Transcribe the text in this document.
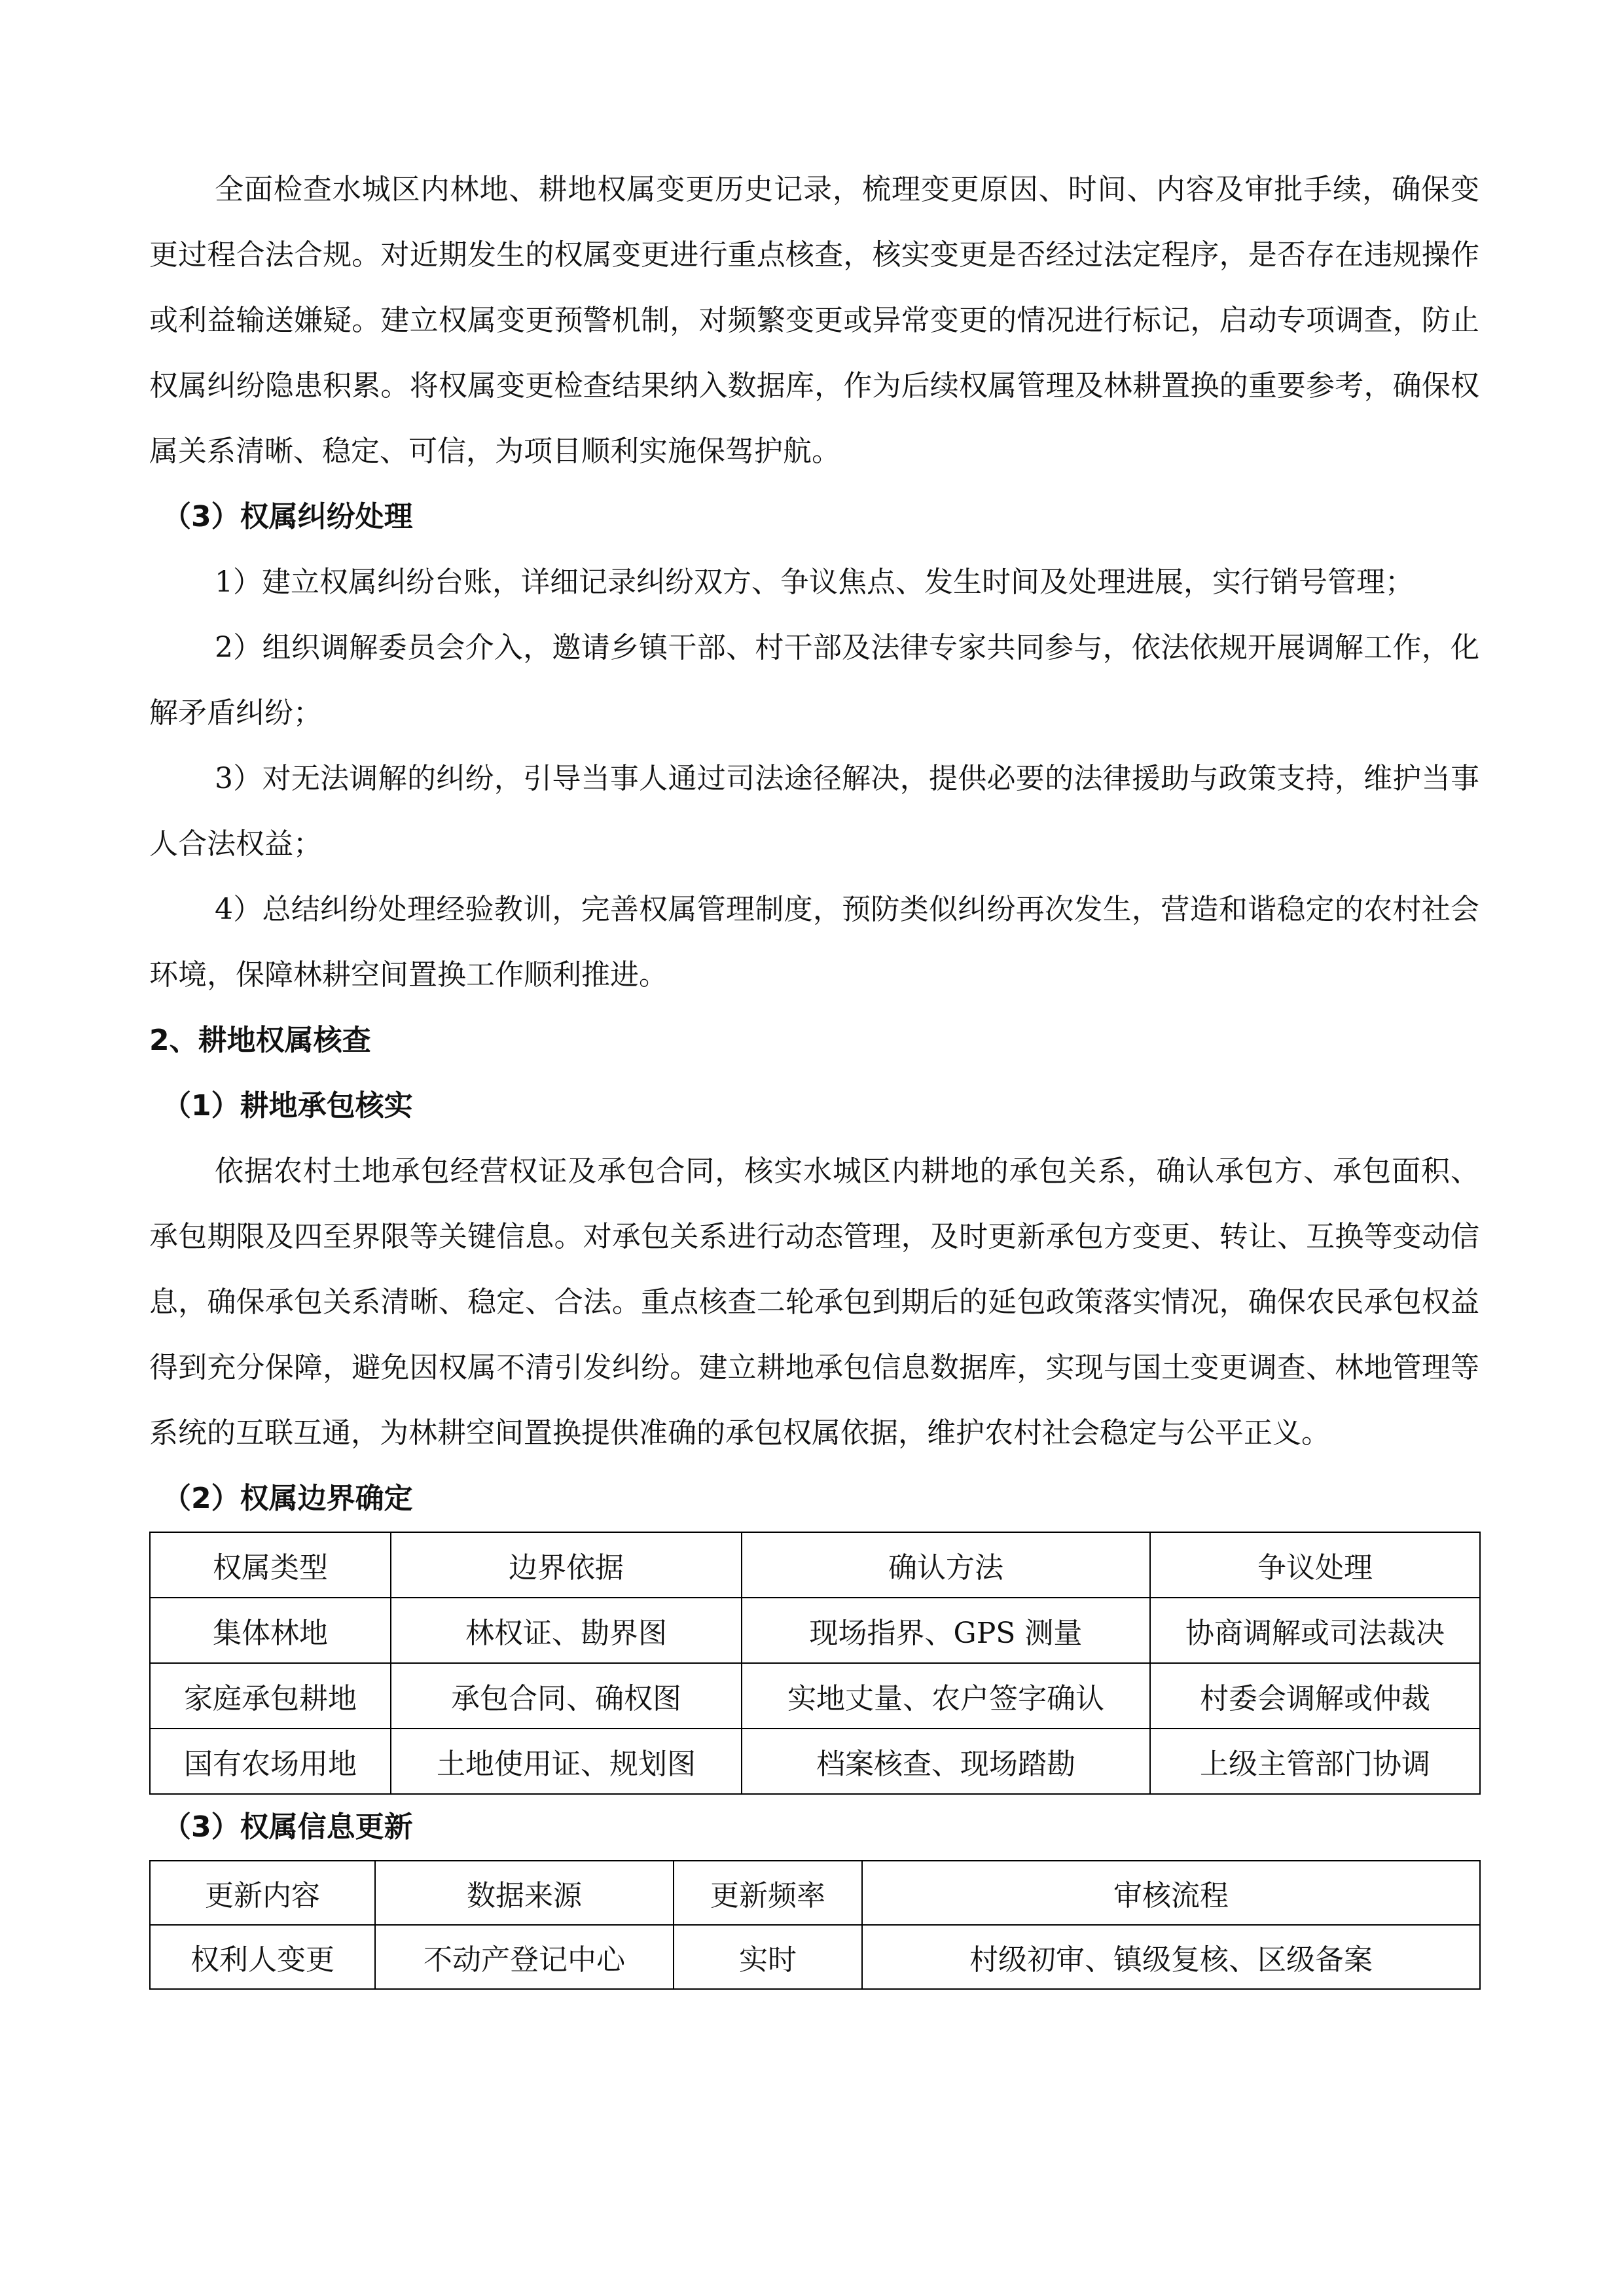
全面检查水城区内林地、耕地权属变更历史记录，梳理变更原因、时间、内容及审批手续，确保变更过程合法合规。对近期发生的权属变更进行重点核查，核实变更是否经过法定程序，是否存在违规操作或利益输送嫌疑。建立权属变更预警机制，对频繁变更或异常变更的情况进行标记，启动专项调查，防止权属纠纷隐患积累。将权属变更检查结果纳入数据库，作为后续权属管理及林耕置换的重要参考，确保权属关系清晰、稳定、可信，为项目顺利实施保驾护航。

（3）权属纠纷处理

1）建立权属纠纷台账，详细记录纠纷双方、争议焦点、发生时间及处理进展，实行销号管理；

2）组织调解委员会介入，邀请乡镇干部、村干部及法律专家共同参与，依法依规开展调解工作，化解矛盾纠纷；

3）对无法调解的纠纷，引导当事人通过司法途径解决，提供必要的法律援助与政策支持，维护当事人合法权益；

4）总结纠纷处理经验教训，完善权属管理制度，预防类似纠纷再次发生，营造和谐稳定的农村社会环境，保障林耕空间置换工作顺利推进。

2、耕地权属核查
（1）耕地承包核实

依据农村土地承包经营权证及承包合同，核实水城区内耕地的承包关系，确认承包方、承包面积、承包期限及四至界限等关键信息。对承包关系进行动态管理，及时更新承包方变更、转让、互换等变动信息，确保承包关系清晰、稳定、合法。重点核查二轮承包到期后的延包政策落实情况，确保农民承包权益得到充分保障，避免因权属不清引发纠纷。建立耕地承包信息数据库，实现与国土变更调查、林地管理等系统的互联互通，为林耕空间置换提供准确的承包权属依据，维护农村社会稳定与公平正义。

（2）权属边界确定
权属类型	边界依据	确认方法	争议处理
集体林地	林权证、勘界图	现场指界、GPS 测量	协商调解或司法裁决
家庭承包耕地	承包合同、确权图	实地丈量、农户签字确认	村委会调解或仲裁
国有农场用地	土地使用证、规划图	档案核查、现场踏勘	上级主管部门协调
（3）权属信息更新
更新内容	数据来源	更新频率	审核流程
权利人变更	不动产登记中心	实时	村级初审、镇级复核、区级备案
